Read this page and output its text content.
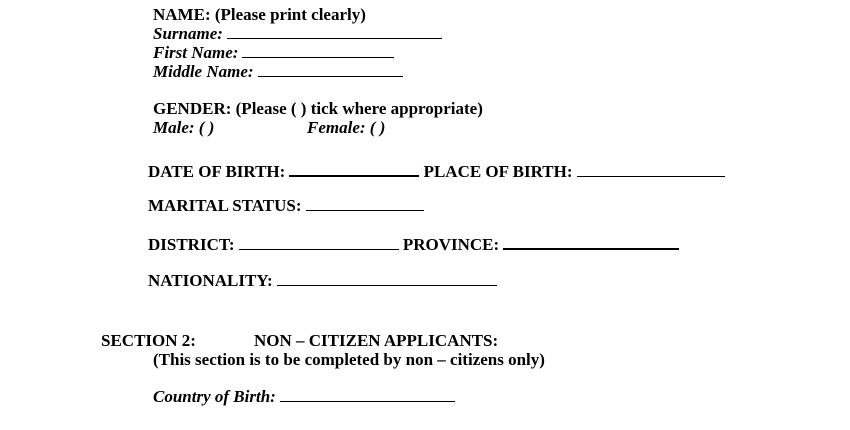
NAME: (Please print clearly)
Surname:
First Name:
Middle Name:
GENDER: (Please ( ) tick where appropriate)
Male: ( )	Female: ( )
DATE OF BIRTH:	PLACE OF BIRTH:
MARITAL STATUS:
DISTRICT:	PROVINCE:
NATIONALITY:
SECTION 2:	NON – CITIZEN APPLICANTS:
(This section is to be completed by non – citizens only)
Country of Birth:
